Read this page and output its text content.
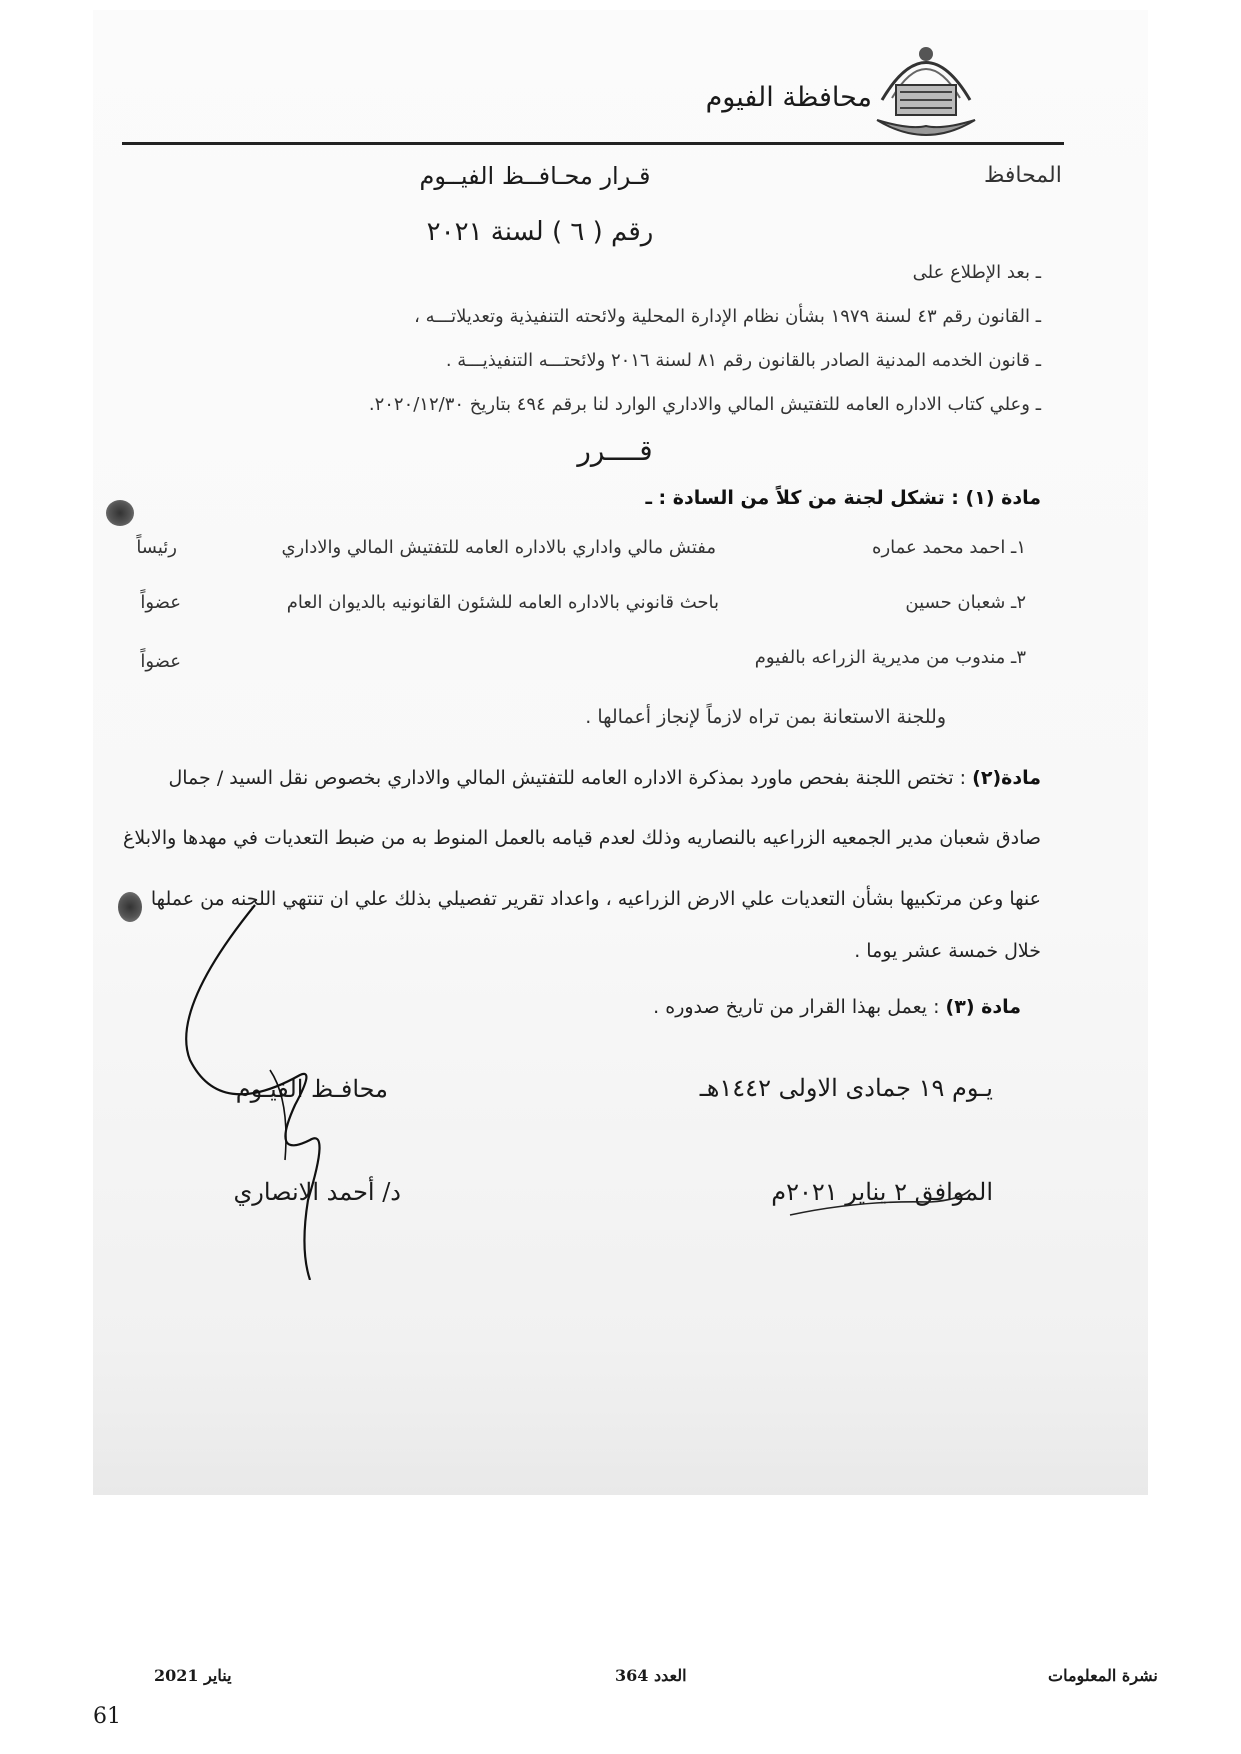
محافظة الفيوم
المحافظ
قـرار محـافــظ الفيــوم
رقم ( ٦ ) لسنة ٢٠٢١
ـ بعد الإطلاع على
ـ القانون رقم ٤٣ لسنة ١٩٧٩ بشأن نظام الإدارة المحلية ولائحته التنفيذية وتعديلاتـــه ،
ـ قانون الخدمه المدنية الصادر بالقانون رقم ٨١ لسنة ٢٠١٦ ولائحتـــه التنفيذيـــة .
ـ وعلي كتاب الاداره العامه للتفتيش المالي والاداري الوارد لنا برقم ٤٩٤ بتاريخ ٢٠٢٠/١٢/٣٠.
قــــرر
مادة (١) : تشكل لجنة من كلاً من السادة : ـ
١ـ احمد محمد عماره
مفتش مالي واداري بالاداره العامه للتفتيش المالي والاداري
رئيساً
٢ـ شعبان حسين
باحث قانوني بالاداره العامه للشئون القانونيه بالديوان العام
عضواً
٣ـ مندوب من مديرية الزراعه بالفيوم
عضواً
وللجنة الاستعانة بمن تراه لازماً لإنجاز أعمالها .
مادة(٢) : تختص اللجنة بفحص ماورد بمذكرة الاداره العامه للتفتيش المالي والاداري بخصوص نقل السيد / جمال
صادق شعبان مدير الجمعيه الزراعيه بالنصاريه وذلك لعدم قيامه بالعمل المنوط به من ضبط التعديات في مهدها والابلاغ
عنها وعن مرتكبيها بشأن التعديات علي الارض الزراعيه ، واعداد تقرير تفصيلي بذلك علي ان تنتهي اللجنه من عملها
خلال خمسة عشر يوما .
مادة (٣) : يعمل بهذا القرار من تاريخ صدوره .
يـوم ١٩ جمادى الاولى ١٤٤٢هـ
الموافق ٢ يناير ٢٠٢١م
محافـظ الفيـوم
د/ أحمد الانصاري
يناير 2021	العدد 364	نشرة المعلومات
61
